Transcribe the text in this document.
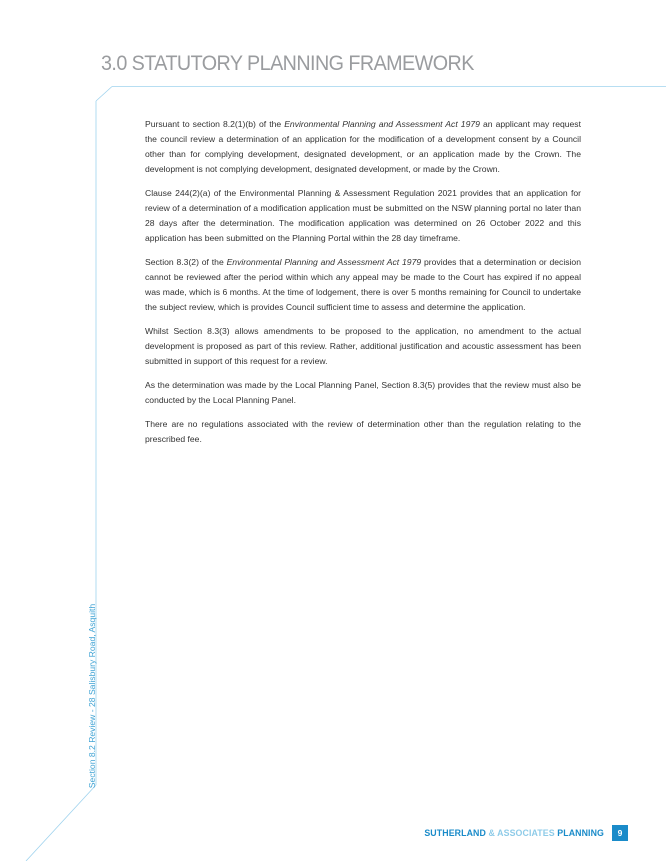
3.0 STATUTORY PLANNING FRAMEWORK

Pursuant to section 8.2(1)(b) of the Environmental Planning and Assessment Act 1979 an applicant may request the council review a determination of an application for the modification of a development consent by a Council other than for complying development, designated development, or an application made by the Crown. The development is not complying development, designated development, or made by the Crown.

Clause 244(2)(a) of the Environmental Planning & Assessment Regulation 2021 provides that an application for review of a determination of a modification application must be submitted on the NSW planning portal no later than 28 days after the determination. The modification application was determined on 26 October 2022 and this application has been submitted on the Planning Portal within the 28 day timeframe.

Section 8.3(2) of the Environmental Planning and Assessment Act 1979 provides that a determination or decision cannot be reviewed after the period within which any appeal may be made to the Court has expired if no appeal was made, which is 6 months. At the time of lodgement, there is over 5 months remaining for Council to undertake the subject review, which is provides Council sufficient time to assess and determine the application.

Whilst Section 8.3(3) allows amendments to be proposed to the application, no amendment to the actual development is proposed as part of this review. Rather, additional justification and acoustic assessment has been submitted in support of this request for a review.

As the determination was made by the Local Planning Panel, Section 8.3(5) provides that the review must also be conducted by the Local Planning Panel.

There are no regulations associated with the review of determination other than the regulation relating to the prescribed fee.

Section 8.2 Review - 28 Salisbury Road, Asquith
SUTHERLAND & ASSOCIATES PLANNING	9
